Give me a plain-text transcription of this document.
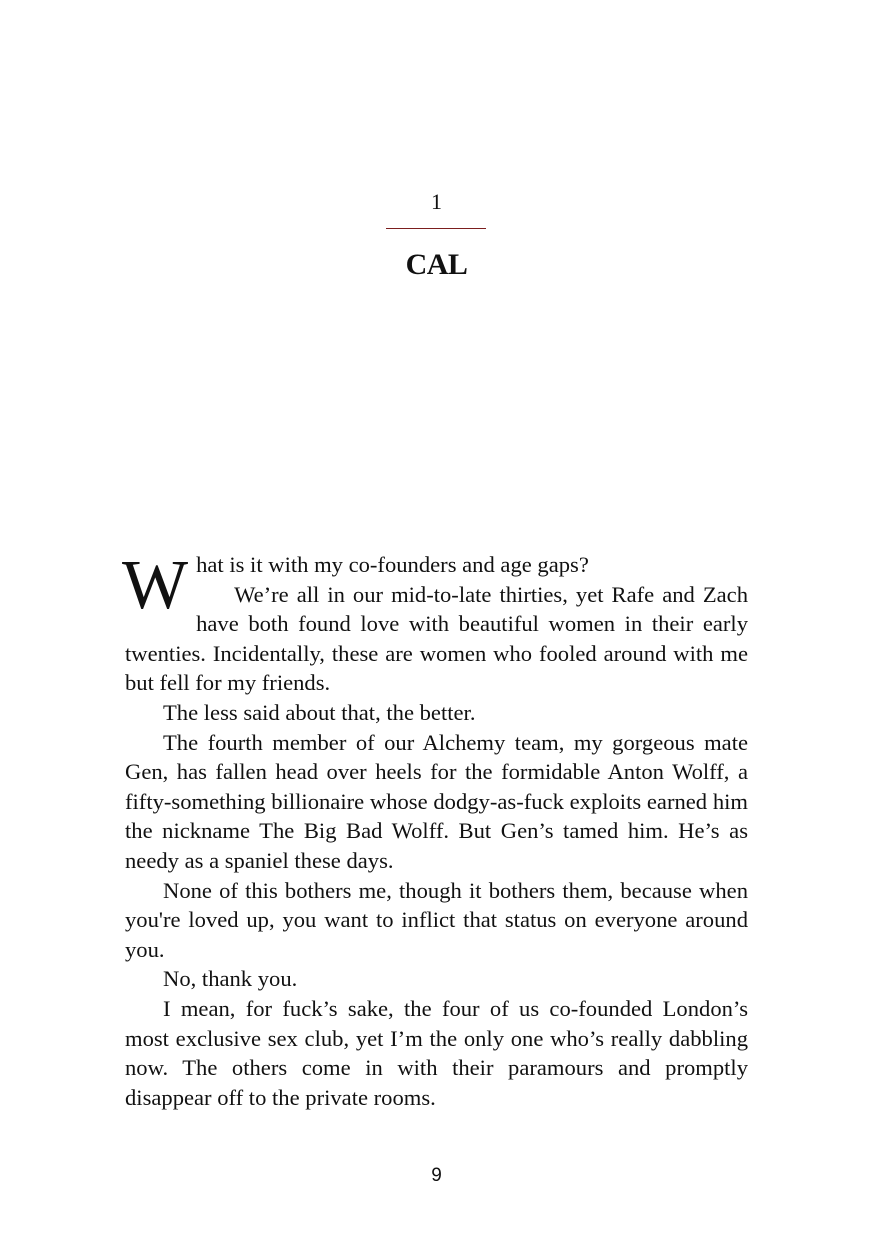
1
CAL
W hat is it with my co-founders and age gaps?

We’re all in our mid-to-late thirties, yet Rafe and Zach have both found love with beautiful women in their early twenties. Incidentally, these are women who fooled around with me but fell for my friends.

The less said about that, the better.

The fourth member of our Alchemy team, my gorgeous mate Gen, has fallen head over heels for the formidable Anton Wolff, a fifty-something billionaire whose dodgy-as-fuck exploits earned him the nickname The Big Bad Wolff. But Gen’s tamed him. He’s as needy as a spaniel these days.

None of this bothers me, though it bothers them, because when you're loved up, you want to inflict that status on everyone around you.

No, thank you.

I mean, for fuck’s sake, the four of us co-founded London’s most exclusive sex club, yet I’m the only one who’s really dabbling now. The others come in with their paramours and promptly disappear off to the private rooms.

9
